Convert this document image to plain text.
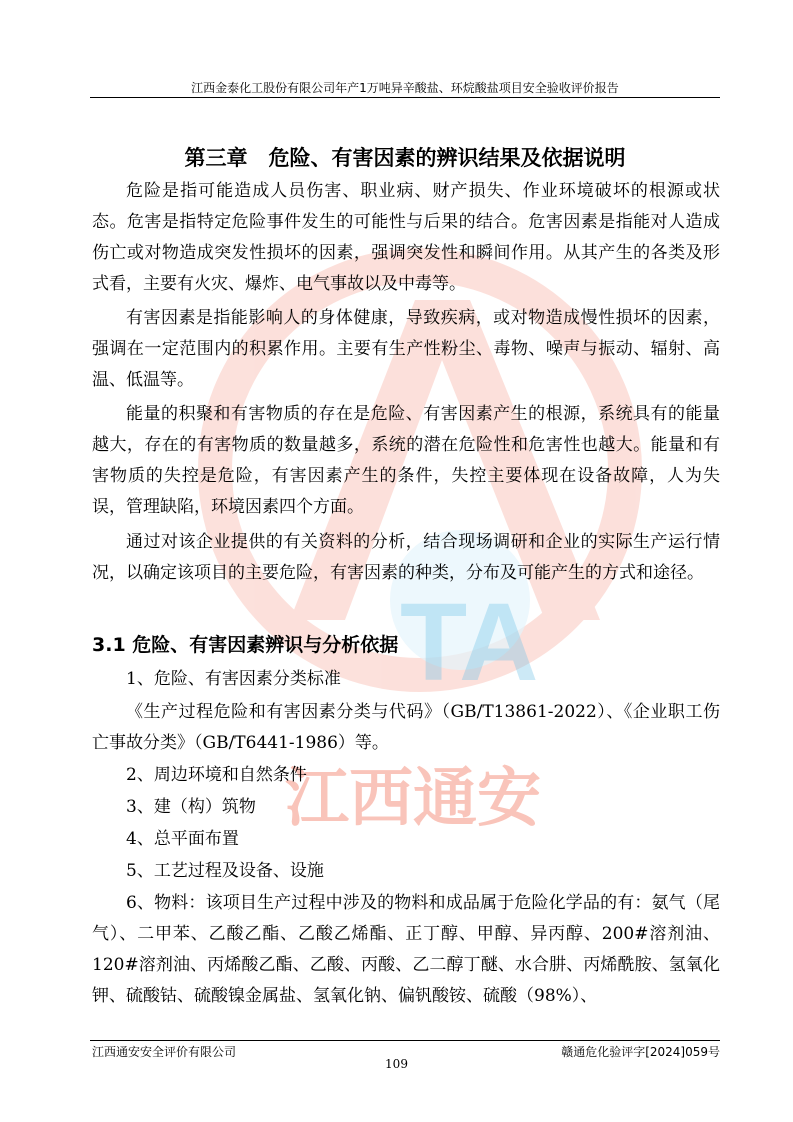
TA
江西通安
江西金泰化工股份有限公司年产1万吨异辛酸盐、环烷酸盐项目安全验收评价报告
第三章　危险、有害因素的辨识结果及依据说明

危险是指可能造成人员伤害、职业病、财产损失、作业环境破坏的根源或状态。危害是指特定危险事件发生的可能性与后果的结合。危害因素是指能对人造成伤亡或对物造成突发性损坏的因素，强调突发性和瞬间作用。从其产生的各类及形式看，主要有火灾、爆炸、电气事故以及中毒等。

有害因素是指能影响人的身体健康，导致疾病，或对物造成慢性损坏的因素，强调在一定范围内的积累作用。主要有生产性粉尘、毒物、噪声与振动、辐射、高温、低温等。

能量的积聚和有害物质的存在是危险、有害因素产生的根源，系统具有的能量越大，存在的有害物质的数量越多，系统的潜在危险性和危害性也越大。能量和有害物质的失控是危险，有害因素产生的条件，失控主要体现在设备故障，人为失误，管理缺陷，环境因素四个方面。

通过对该企业提供的有关资料的分析，结合现场调研和企业的实际生产运行情况，以确定该项目的主要危险，有害因素的种类，分布及可能产生的方式和途径。

3.1 危险、有害因素辨识与分析依据

1、危险、有害因素分类标准

《生产过程危险和有害因素分类与代码》（GB/T13861-2022）、《企业职工伤亡事故分类》（GB/T6441-1986）等。

2、周边环境和自然条件

3、建（构）筑物

4、总平面布置

5、工艺过程及设备、设施

6、物料：该项目生产过程中涉及的物料和成品属于危险化学品的有：氨气（尾气）、二甲苯、乙酸乙酯、乙酸乙烯酯、正丁醇、甲醇、异丙醇、200#溶剂油、120#溶剂油、丙烯酸乙酯、乙酸、丙酸、乙二醇丁醚、水合肼、丙烯酰胺、氢氧化钾、硫酸钴、硫酸镍金属盐、氢氧化钠、偏钒酸铵、硫酸（98%）、

江西通安安全评价有限公司	赣通危化验评字[2024]059号
109
